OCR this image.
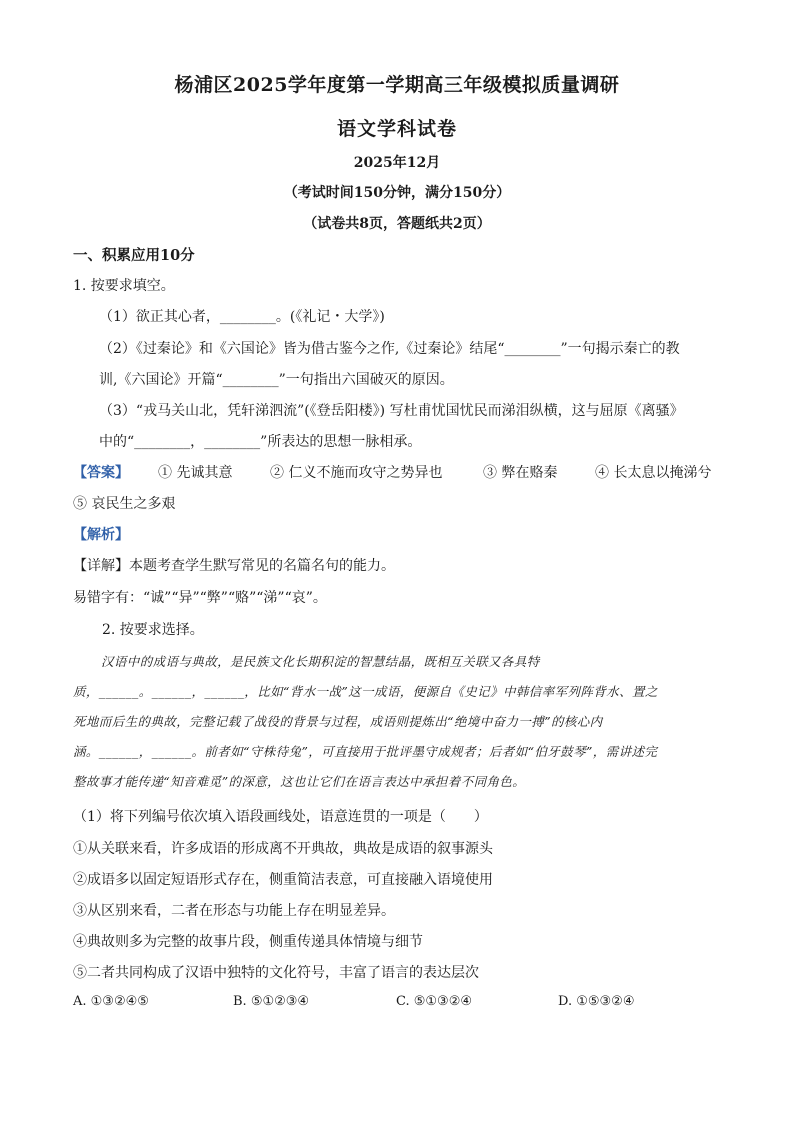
杨浦区2025学年度第一学期高三年级模拟质量调研
语文学科试卷
2025年12月
（考试时间150分钟，满分150分）
（试卷共8页，答题纸共2页）
一、积累应用10分
1. 按要求填空。
（1）欲正其心者，________。(《礼记・大学》)
（2）《过秦论》和《六国论》皆为借古鉴今之作,《过秦论》结尾“________”一句揭示秦亡的教
训,《六国论》开篇“________”一句指出六国破灭的原因。
（3）“戎马关山北，凭轩涕泗流”(《登岳阳楼》) 写杜甫忧国忧民而涕泪纵横，这与屈原《离骚》
中的“________，________”所表达的思想一脉相承。
【答案】 ① 先诚其意	② 仁义不施而攻守之势异也	③ 弊在赂秦	④ 长太息以掩涕兮
⑤ 哀民生之多艰
【解析】
【详解】本题考查学生默写常见的名篇名句的能力。
易错字有：“诚”“异”“弊”“赂”“涕”“哀”。
2. 按要求选择。
汉语中的成语与典故，是民族文化长期积淀的智慧结晶，既相互关联又各具特
质，______。______，______，比如“背水一战”这一成语，便源自《史记》中韩信率军列阵背水、置之
死地而后生的典故，完整记载了战役的背景与过程，成语则提炼出“绝境中奋力一搏”的核心内
涵。______，______。前者如“守株待兔”，可直接用于批评墨守成规者；后者如“伯牙鼓琴”，需讲述完
整故事才能传递“知音难觅”的深意，这也让它们在语言表达中承担着不同角色。
（1）将下列编号依次填入语段画线处，语意连贯的一项是（　　）
①从关联来看，许多成语的形成离不开典故，典故是成语的叙事源头
②成语多以固定短语形式存在，侧重简洁表意，可直接融入语境使用
③从区别来看，二者在形态与功能上存在明显差异。
④典故则多为完整的故事片段，侧重传递具体情境与细节
⑤二者共同构成了汉语中独特的文化符号，丰富了语言的表达层次
A. ①③②④⑤	B. ⑤①②③④	C. ⑤①③②④	D. ①⑤③②④
